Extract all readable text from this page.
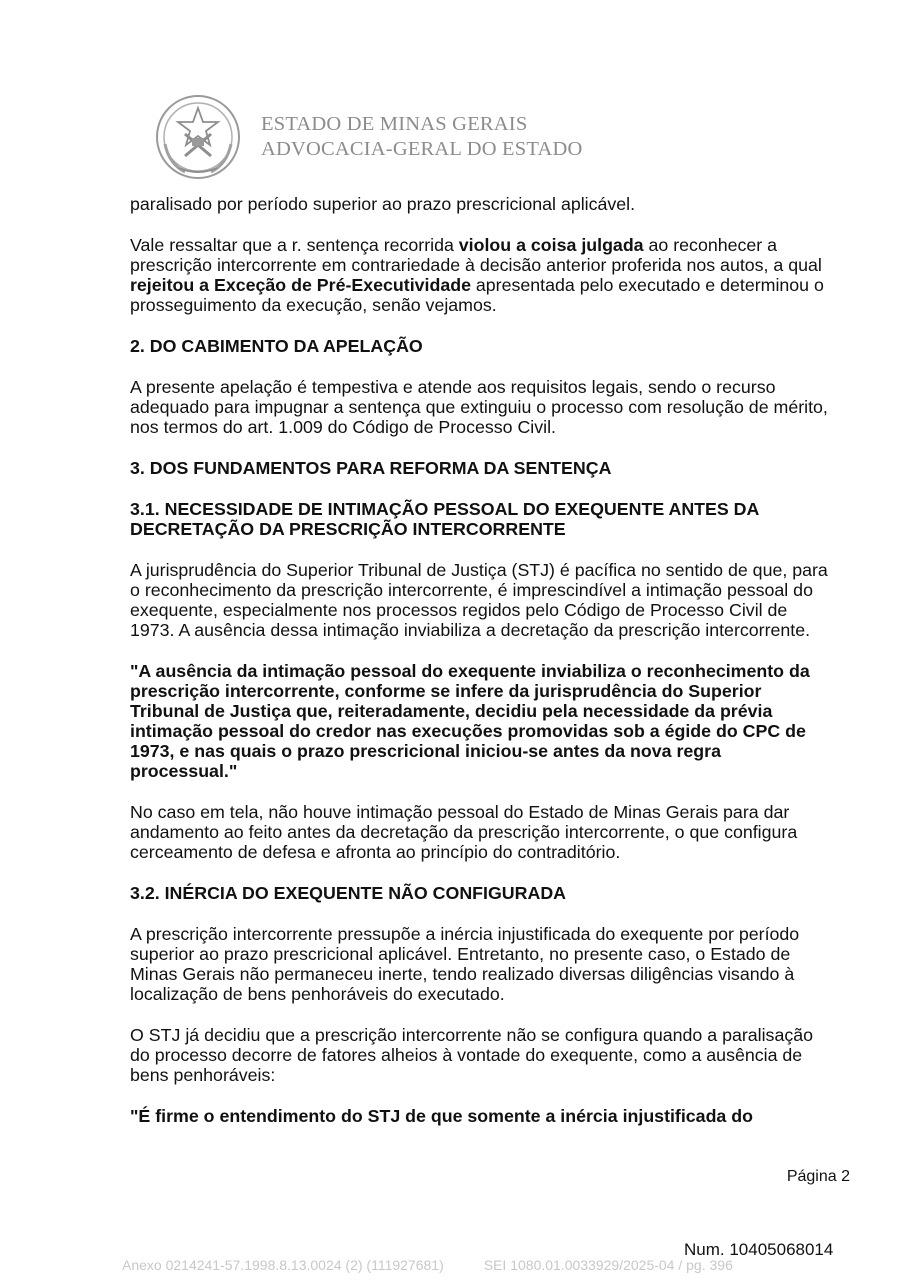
ESTADO DE MINAS GERAIS
ADVOCACIA-GERAL DO ESTADO

paralisado por período superior ao prazo prescricional aplicável.

Vale ressaltar que a r. sentença recorrida violou a coisa julgada ao reconhecer a prescrição intercorrente em contrariedade à decisão anterior proferida nos autos, a qual rejeitou a Exceção de Pré-Executividade apresentada pelo executado e determinou o prosseguimento da execução, senão vejamos.

2. DO CABIMENTO DA APELAÇÃO

A presente apelação é tempestiva e atende aos requisitos legais, sendo o recurso adequado para impugnar a sentença que extinguiu o processo com resolução de mérito, nos termos do art. 1.009 do Código de Processo Civil.

3. DOS FUNDAMENTOS PARA REFORMA DA SENTENÇA
3.1. NECESSIDADE DE INTIMAÇÃO PESSOAL DO EXEQUENTE ANTES DA DECRETAÇÃO DA PRESCRIÇÃO INTERCORRENTE

A jurisprudência do Superior Tribunal de Justiça (STJ) é pacífica no sentido de que, para o reconhecimento da prescrição intercorrente, é imprescindível a intimação pessoal do exequente, especialmente nos processos regidos pelo Código de Processo Civil de 1973. A ausência dessa intimação inviabiliza a decretação da prescrição intercorrente.

"A ausência da intimação pessoal do exequente inviabiliza o reconhecimento da prescrição intercorrente, conforme se infere da jurisprudência do Superior Tribunal de Justiça que, reiteradamente, decidiu pela necessidade da prévia intimação pessoal do credor nas execuções promovidas sob a égide do CPC de 1973, e nas quais o prazo prescricional iniciou-se antes da nova regra processual."

No caso em tela, não houve intimação pessoal do Estado de Minas Gerais para dar andamento ao feito antes da decretação da prescrição intercorrente, o que configura cerceamento de defesa e afronta ao princípio do contraditório.

3.2. INÉRCIA DO EXEQUENTE NÃO CONFIGURADA

A prescrição intercorrente pressupõe a inércia injustificada do exequente por período superior ao prazo prescricional aplicável. Entretanto, no presente caso, o Estado de Minas Gerais não permaneceu inerte, tendo realizado diversas diligências visando à localização de bens penhoráveis do executado.

O STJ já decidiu que a prescrição intercorrente não se configura quando a paralisação do processo decorre de fatores alheios à vontade do exequente, como a ausência de bens penhoráveis:

"É firme o entendimento do STJ de que somente a inércia injustificada do

Página 2
Num. 10405068014
Anexo 0214241-57.1998.8.13.0024 (2) (111927681)	SEI 1080.01.0033929/2025-04 / pg. 396
